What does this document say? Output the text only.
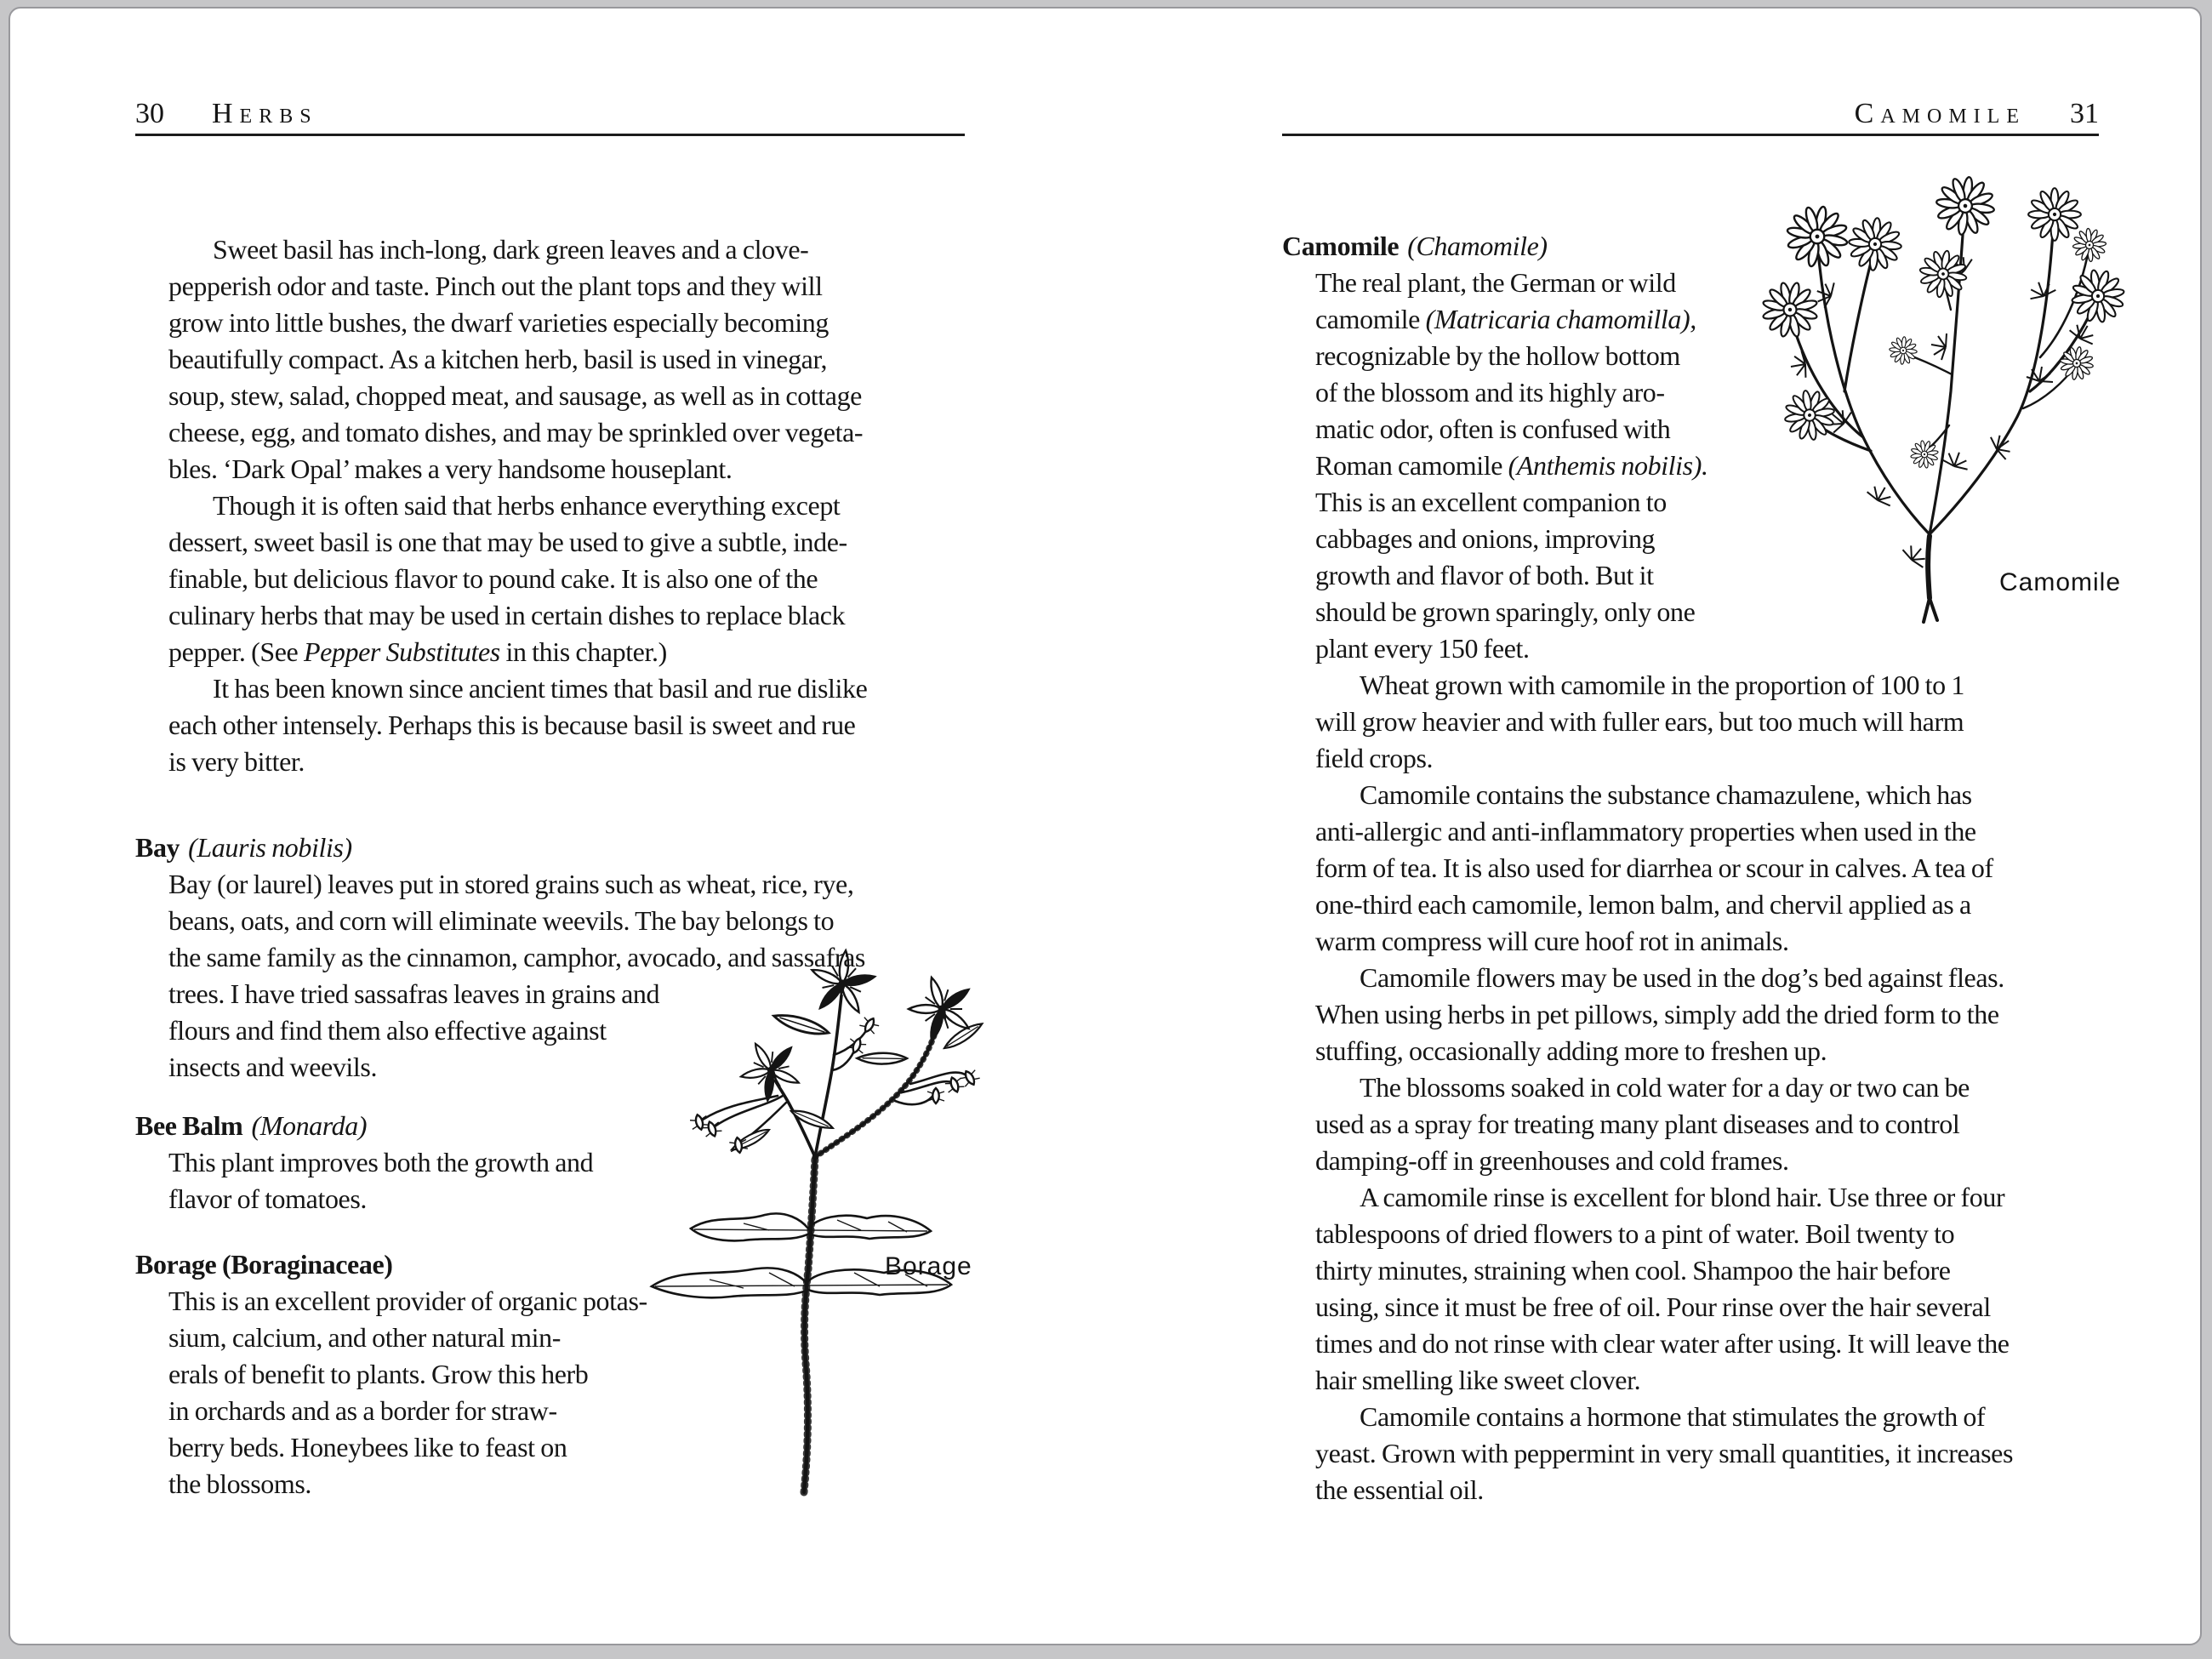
30 Herbs	Camomile 31
Sweet basil has inch-long, dark green leaves and a clove-
pepperish odor and taste. Pinch out the plant tops and they will
grow into little bushes, the dwarf varieties especially becoming
beautifully compact. As a kitchen herb, basil is used in vinegar,
soup, stew, salad, chopped meat, and sausage, as well as in cottage
cheese, egg, and tomato dishes, and may be sprinkled over vegeta-
bles. ‘Dark Opal’ makes a very handsome houseplant.
Though it is often said that herbs enhance everything except
dessert, sweet basil is one that may be used to give a subtle, inde-
finable, but delicious flavor to pound cake. It is also one of the
culinary herbs that may be used in certain dishes to replace black
pepper. (See Pepper Substitutes in this chapter.)
It has been known since ancient times that basil and rue dislike
each other intensely. Perhaps this is because basil is sweet and rue
is very bitter.
Bay (Lauris nobilis)
Bay (or laurel) leaves put in stored grains such as wheat, rice, rye,
beans, oats, and corn will eliminate weevils. The bay belongs to
the same family as the cinnamon, camphor, avocado, and sassafras
trees. I have tried sassafras leaves in grains and
flours and find them also effective against
insects and weevils.
Bee Balm (Monarda)
This plant improves both the growth and
flavor of tomatoes.
Borage (Boraginaceae)
This is an excellent provider of organic potas-
sium, calcium, and other natural min-
erals of benefit to plants. Grow this herb
in orchards and as a border for straw-
berry beds. Honeybees like to feast on
the blossoms.
Camomile (Chamomile)
The real plant, the German or wild
camomile (Matricaria chamomilla),
recognizable by the hollow bottom
of the blossom and its highly aro-
matic odor, often is confused with
Roman camomile (Anthemis nobilis).
This is an excellent companion to
cabbages and onions, improving
growth and flavor of both. But it
should be grown sparingly, only one
plant every 150 feet.
Wheat grown with camomile in the proportion of 100 to 1
will grow heavier and with fuller ears, but too much will harm
field crops.
Camomile contains the substance chamazulene, which has
anti-allergic and anti-inflammatory properties when used in the
form of tea. It is also used for diarrhea or scour in calves. A tea of
one-third each camomile, lemon balm, and chervil applied as a
warm compress will cure hoof rot in animals.
Camomile flowers may be used in the dog’s bed against fleas.
When using herbs in pet pillows, simply add the dried form to the
stuffing, occasionally adding more to freshen up.
The blossoms soaked in cold water for a day or two can be
used as a spray for treating many plant diseases and to control
damping-off in greenhouses and cold frames.
A camomile rinse is excellent for blond hair. Use three or four
tablespoons of dried flowers to a pint of water. Boil twenty to
thirty minutes, straining when cool. Shampoo the hair before
using, since it must be free of oil. Pour rinse over the hair several
times and do not rinse with clear water after using. It will leave the
hair smelling like sweet clover.
Camomile contains a hormone that stimulates the growth of
yeast. Grown with peppermint in very small quantities, it increases
the essential oil.
Borage
Camomile
